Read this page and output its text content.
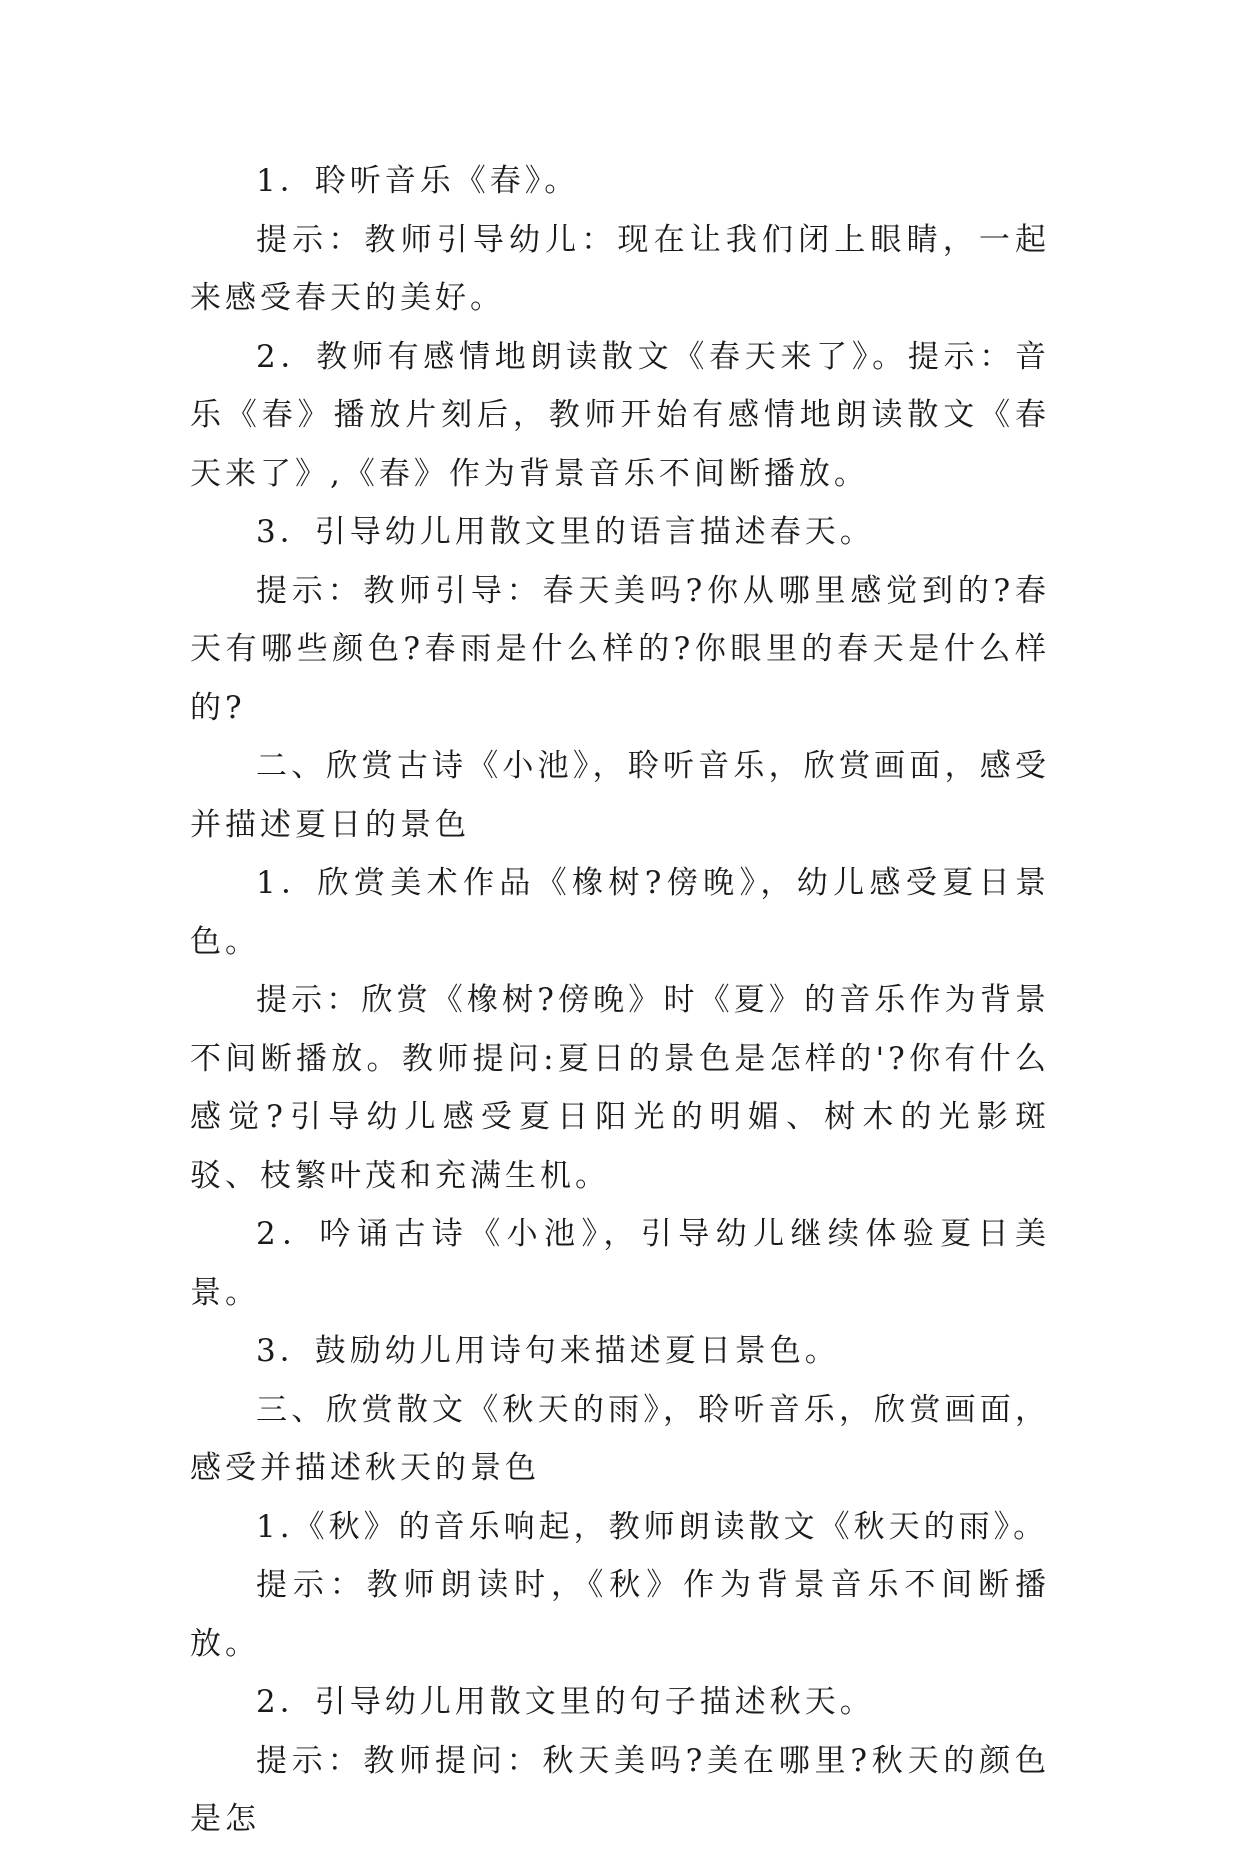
1．聆听音乐《春》。

提示：教师引导幼儿：现在让我们闭上眼睛，一起来感受春天的美好。

2．教师有感情地朗读散文《春天来了》。提示：音乐《春》播放片刻后，教师开始有感情地朗读散文《春天来了》,《春》作为背景音乐不间断播放。

3．引导幼儿用散文里的语言描述春天。

提示：教师引导：春天美吗?你从哪里感觉到的?春天有哪些颜色?春雨是什么样的?你眼里的春天是什么样的?

二、欣赏古诗《小池》，聆听音乐，欣赏画面，感受并描述夏日的景色

1．欣赏美术作品《橡树?傍晚》，幼儿感受夏日景色。

提示：欣赏《橡树?傍晚》时《夏》的音乐作为背景不间断播放。教师提问:夏日的景色是怎样的'?你有什么感觉?引导幼儿感受夏日阳光的明媚、树木的光影斑驳、枝繁叶茂和充满生机。

2．吟诵古诗《小池》，引导幼儿继续体验夏日美景。

3．鼓励幼儿用诗句来描述夏日景色。

三、欣赏散文《秋天的雨》，聆听音乐，欣赏画面，感受并描述秋天的景色

1.《秋》的音乐响起，教师朗读散文《秋天的雨》。

提示：教师朗读时，《秋》作为背景音乐不间断播放。

2．引导幼儿用散文里的句子描述秋天。

提示：教师提问：秋天美吗?美在哪里?秋天的颜色是怎
